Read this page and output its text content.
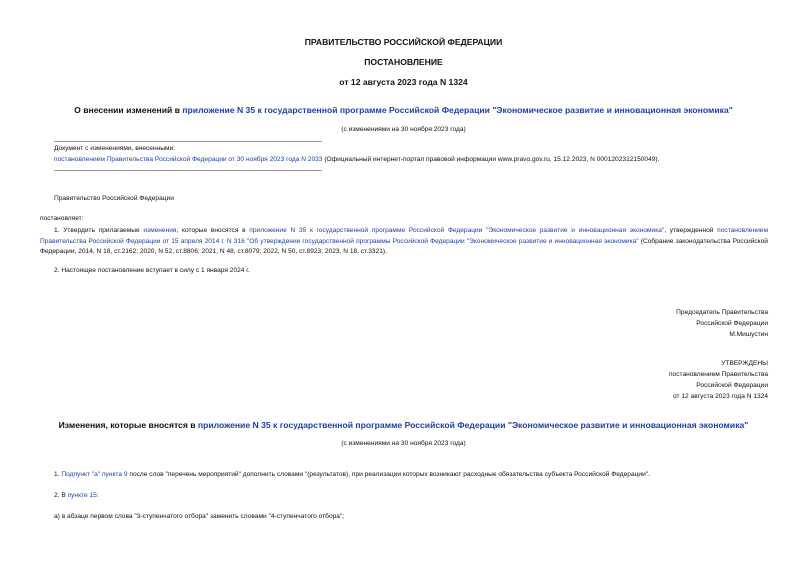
ПРАВИТЕЛЬСТВО РОССИЙСКОЙ ФЕДЕРАЦИИ
ПОСТАНОВЛЕНИЕ
от 12 августа 2023 года N 1324
О внесении изменений в приложение N 35 к государственной программе Российской Федерации "Экономическое развитие и инновационная экономика"
(с изменениями на 30 ноября 2023 года)
Документ с изменениями, внесенными:
постановлением Правительства Российской Федерации от 30 ноября 2023 года N 2033 (Официальный интернет-портал правовой информации www.pravo.gov.ru, 15.12.2023, N 0001202312150049).
Правительство Российской Федерации
постановляет:
1. Утвердить прилагаемые изменения, которые вносятся в приложение N 35 к государственной программе Российской Федерации "Экономическое развитие и инновационная экономика", утвержденной постановлением Правительства Российской Федерации от 15 апреля 2014 г. N 316 "Об утверждении государственной программы Российской Федерации "Экономическое развитие и инновационная экономика" (Собрание законодательства Российской Федерации, 2014, N 18, ст.2162; 2020, N 52, ст.8806; 2021, N 48, ст.8079; 2022, N 50, ст.8923; 2023, N 18, ст.3321).
2. Настоящее постановление вступает в силу с 1 января 2024 г.
Председатель Правительства
Российской Федерации
М.Мишустин
УТВЕРЖДЕНЫ
постановлением Правительства
Российской Федерации
от 12 августа 2023 года N 1324
Изменения, которые вносятся в приложение N 35 к государственной программе Российской Федерации "Экономическое развитие и инновационная экономика"
(с изменениями на 30 ноября 2023 года)
1. Подпункт "а" пункта 9 после слов "перечень мероприятий" дополнить словами "(результатов), при реализации которых возникают расходные обязательства субъекта Российской Федерации".
2. В пункте 15:
а) в абзаце первом слова "3-ступенчатого отбора" заменить словами "4-ступенчатого отбора";
